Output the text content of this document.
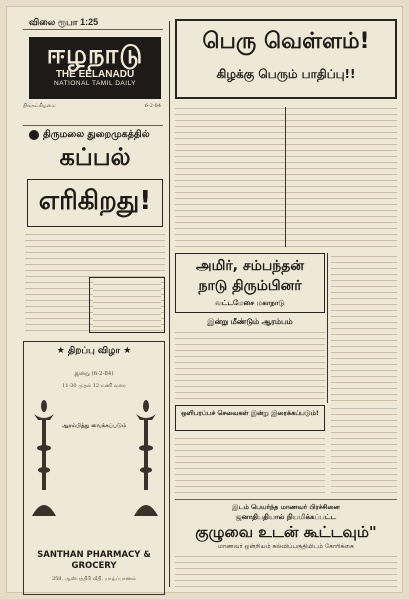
விலை ரூபா 1:25
ஈழநாடு
THE EELANADU
NATIONAL TAMIL DAILY
6-2-84
திங்கட்கிழமை
திருமலை துறைமுகத்தில்
கப்பல்
எரிகிறது!
★ திறப்பு விழா ★
இன்று (6-2-84)
11-30 முதல் 12 மணி வரை
ஆரம்பித்து வைக்கப்படும்
SANTHAN PHARMACY & GROCERY
358, ஆஸ்பத்திரி வீதி, யாழ்ப்பாணம்
பெரு வெள்ளம்!
கிழக்கு பெரும் பாதிப்பு!!
அமிர், சம்பந்தன்
நாடு திரும்பினர்
வட்டமேசை மகாநாடு
இன்று மீண்டும் ஆரம்பம்
ஒளிபரப்பச் செவைகள் இன்று இரைக்கப்படும்!
இடம் பெயர்ந்த மாணவர் பிரச்சினை
ஜனாதிபதியால் நியமிக்கப்பட்ட
குழுவை உடன் கூட்டவும்"
மாணவர் ஒன்றியம் கல்விப்பகுதியிடம் கோரிக்கை
